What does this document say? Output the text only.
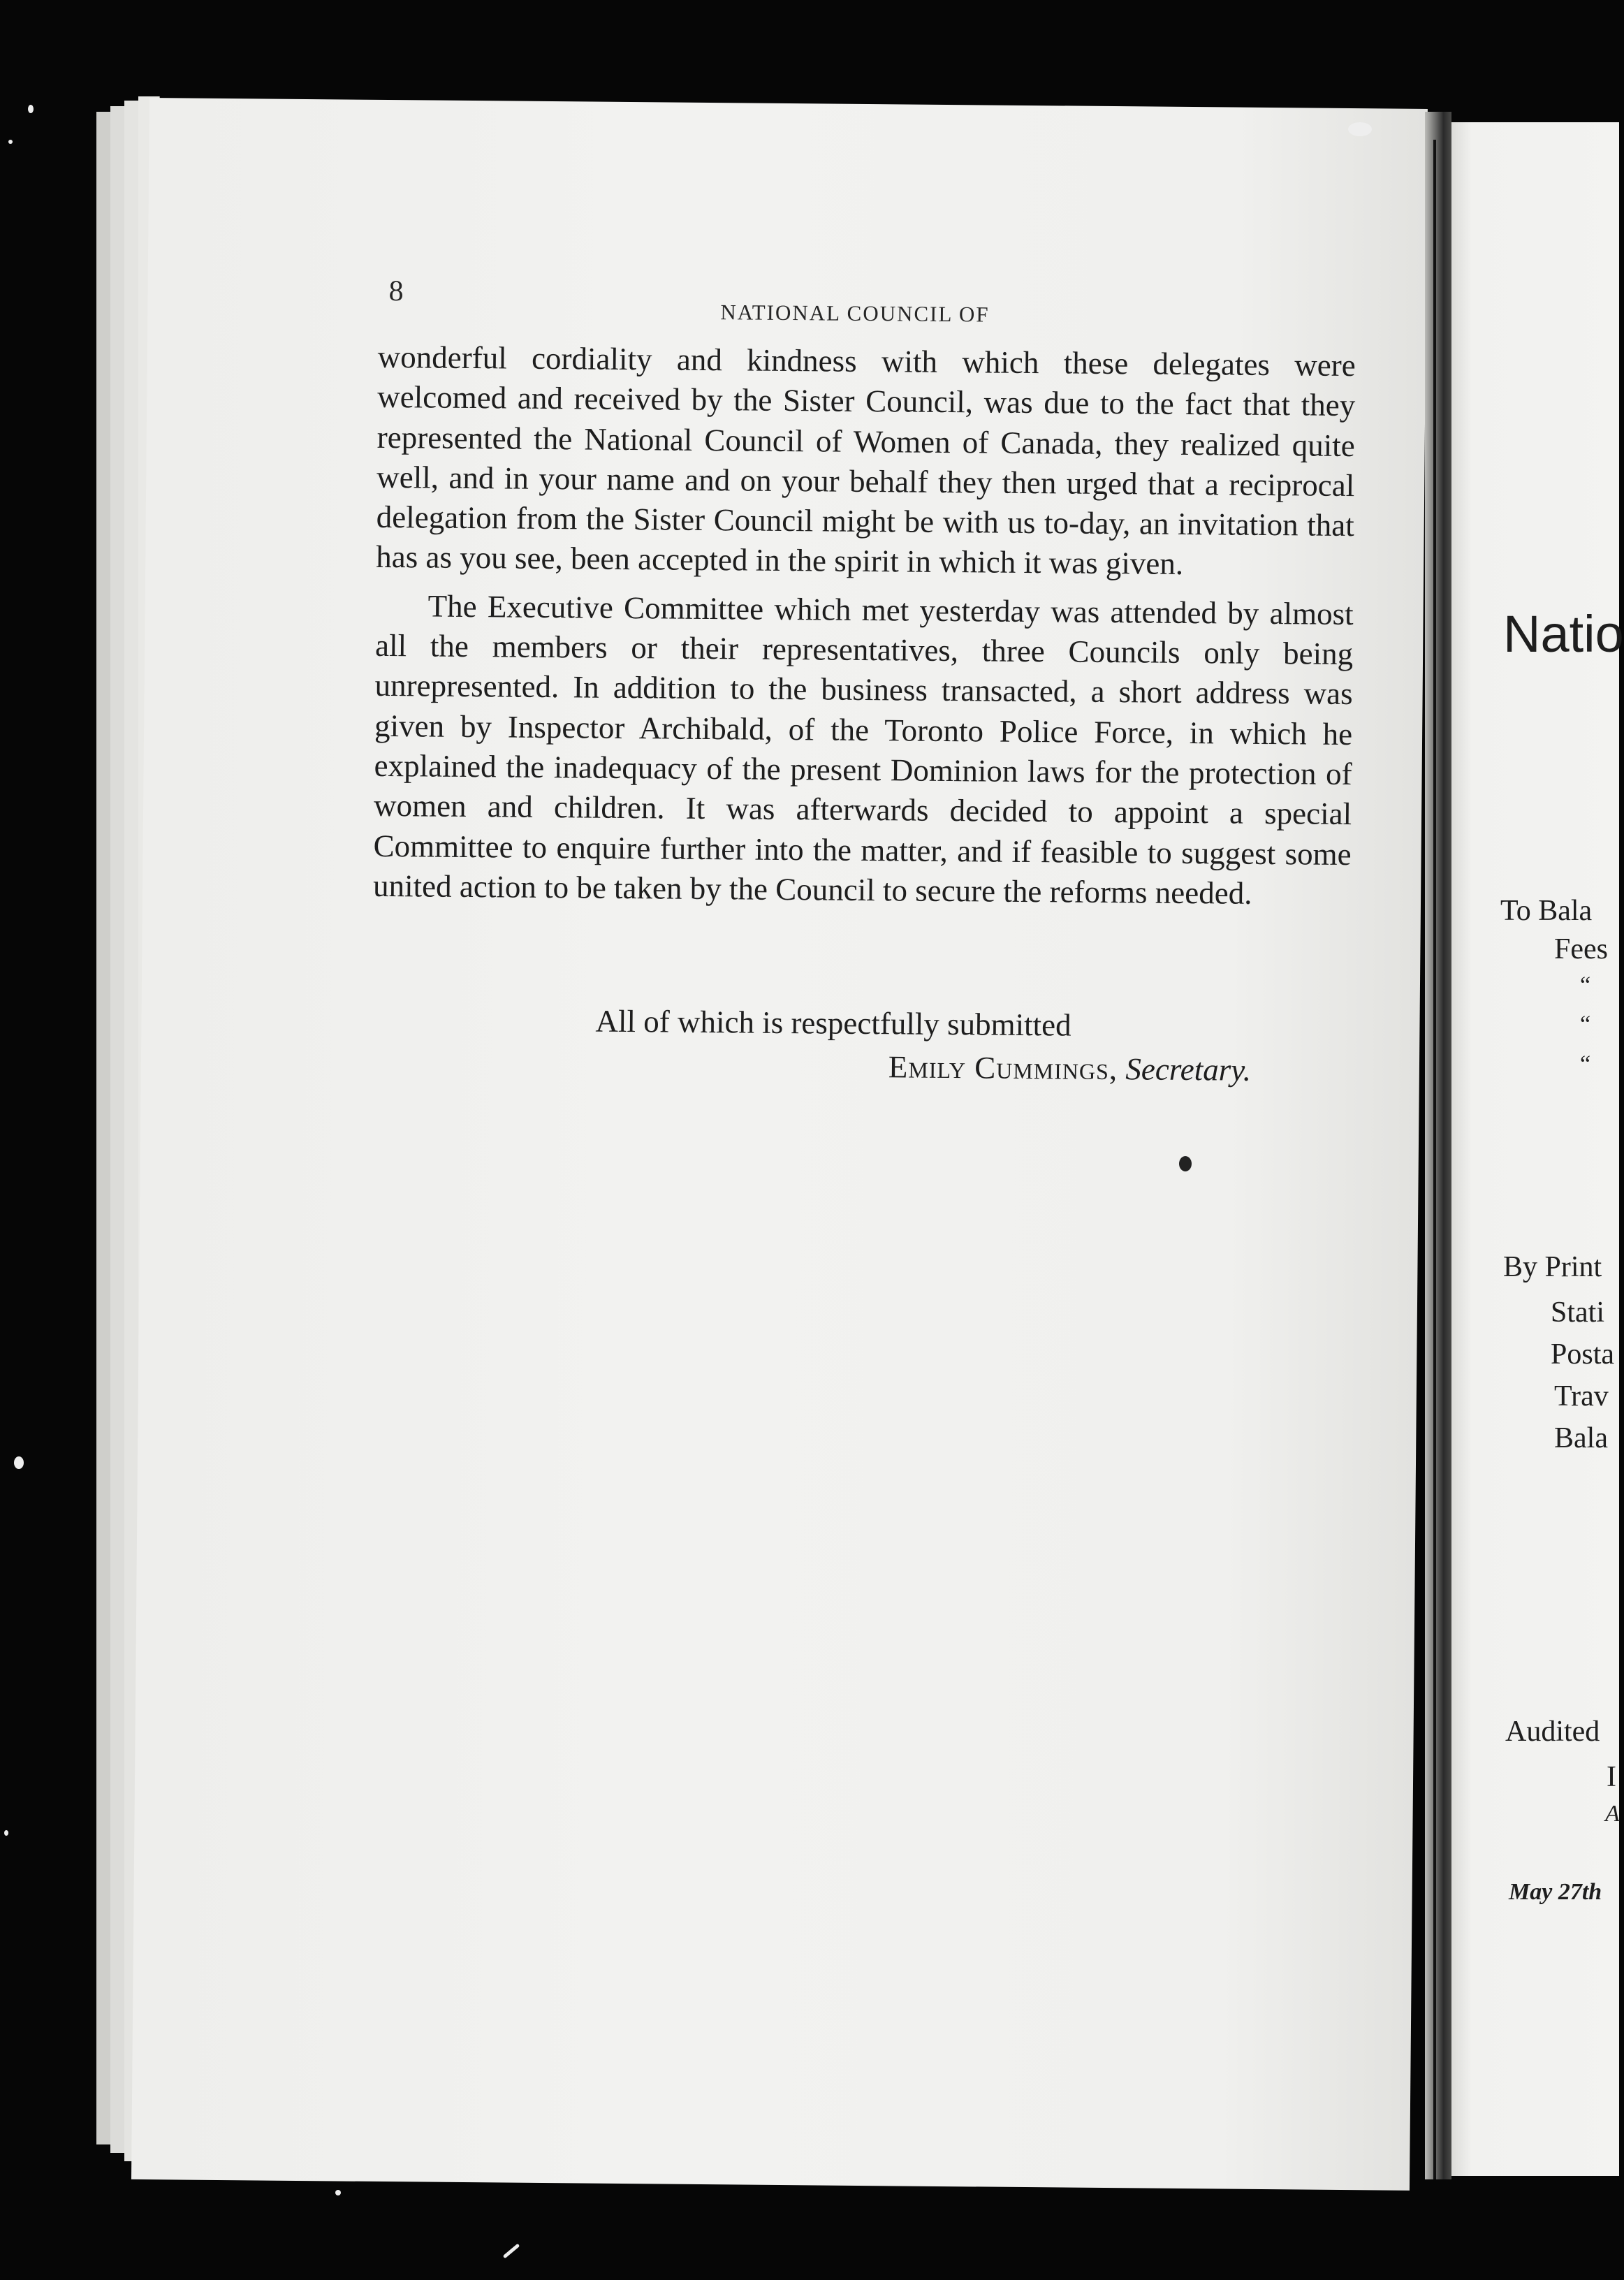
8
NATIONAL COUNCIL OF

wonderful cordiality and kindness with which these delegates were welcomed and received by the Sister Council, was due to the fact that they represented the National Council of Women of Canada, they realized quite well, and in your name and on your behalf they then urged that a reciprocal delegation from the Sister Council might be with us to-day, an invitation that has as you see, been accepted in the spirit in which it was given.

The Executive Committee which met yesterday was attended by almost all the members or their representatives, three Councils only being unrepresented. In addition to the business transacted, a short address was given by Inspector Archibald, of the Toronto Police Force, in which he explained the inadequacy of the present Dominion laws for the protection of women and children. It was afterwards decided to appoint a special Committee to enquire further into the matter, and if feasible to suggest some united action to be taken by the Council to secure the reforms needed.

All of which is respectfully submitted
Emily Cummings, Secretary.
Natio
To Bala
Fees
“
“
“
By Print
Stati
Posta
Trav
Bala
Audited
I
A
May 27th
